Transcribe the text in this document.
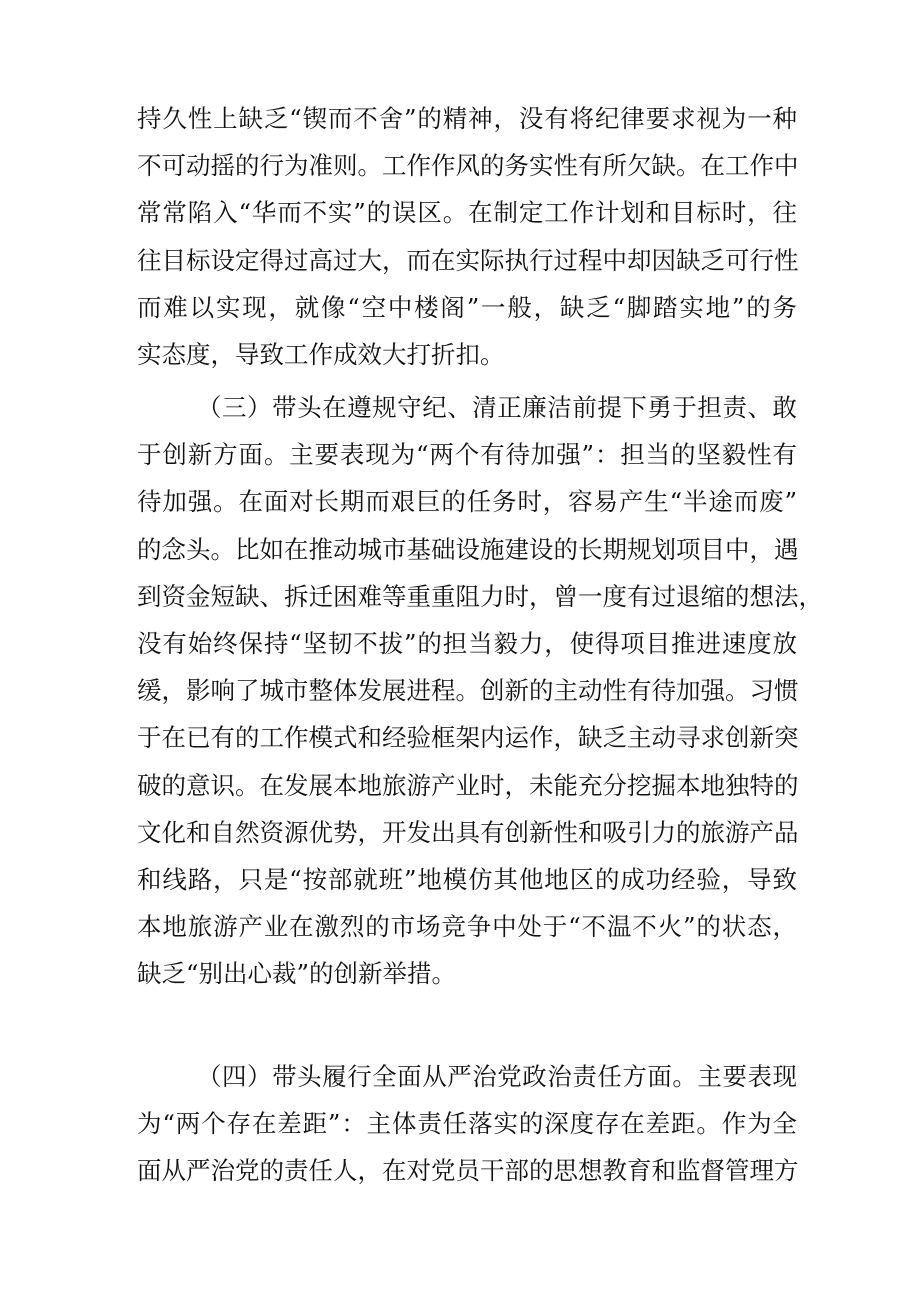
持久性上缺乏“锲而不舍”的精神，没有将纪律要求视为一种
不可动摇的行为准则。工作作风的务实性有所欠缺。在工作中
常常陷入“华而不实”的误区。在制定工作计划和目标时，往
往目标设定得过高过大，而在实际执行过程中却因缺乏可行性
而难以实现，就像“空中楼阁”一般，缺乏“脚踏实地”的务
实态度，导致工作成效大打折扣。
（三）带头在遵规守纪、清正廉洁前提下勇于担责、敢
于创新方面。主要表现为“两个有待加强”：担当的坚毅性有
待加强。在面对长期而艰巨的任务时，容易产生“半途而废”
的念头。比如在推动城市基础设施建设的长期规划项目中，遇
到资金短缺、拆迁困难等重重阻力时，曾一度有过退缩的想法，
没有始终保持“坚韧不拔”的担当毅力，使得项目推进速度放
缓，影响了城市整体发展进程。创新的主动性有待加强。习惯
于在已有的工作模式和经验框架内运作，缺乏主动寻求创新突
破的意识。在发展本地旅游产业时，未能充分挖掘本地独特的
文化和自然资源优势，开发出具有创新性和吸引力的旅游产品
和线路，只是“按部就班”地模仿其他地区的成功经验，导致
本地旅游产业在激烈的市场竞争中处于“不温不火”的状态，
缺乏“别出心裁”的创新举措。
（四）带头履行全面从严治党政治责任方面。主要表现
为“两个存在差距”：主体责任落实的深度存在差距。作为全
面从严治党的责任人，在对党员干部的思想教育和监督管理方
